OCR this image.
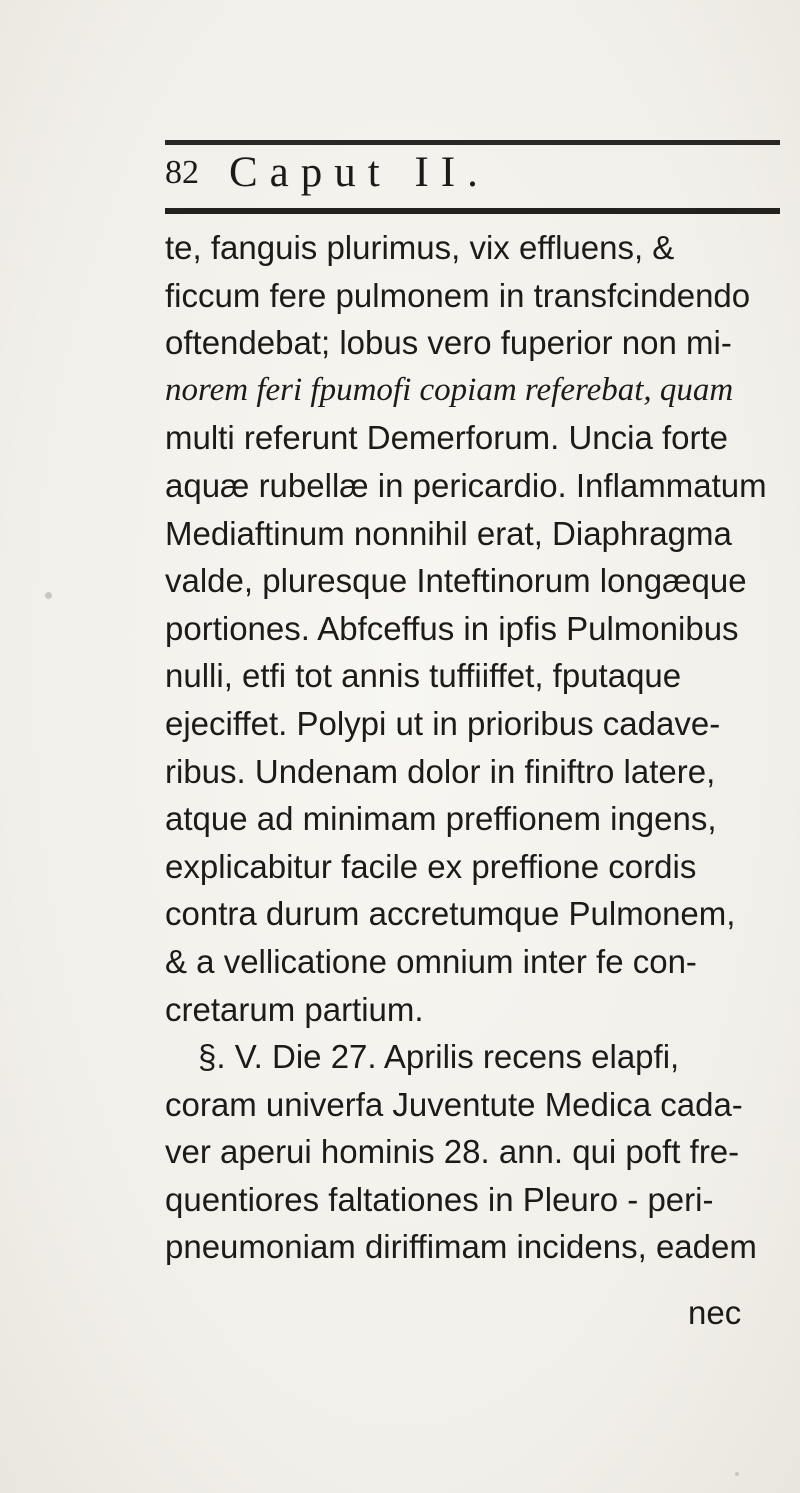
82 Caput II.
te, fanguis plurimus, vix effluens, &
ficcum fere pulmonem in transfcindendo
oftendebat; lobus vero fuperior non mi-
norem feri fpumofi copiam referebat, quam
multi referunt Demerforum. Uncia forte
aquæ rubellæ in pericardio. Inflammatum
Mediaftinum nonnihil erat, Diaphragma
valde, pluresque Inteftinorum longæque
portiones. Abfceffus in ipfis Pulmonibus
nulli, etfi tot annis tuffiiffet, fputaque
ejeciffet. Polypi ut in prioribus cadave-
ribus. Undenam dolor in finiftro latere,
atque ad minimam preffionem ingens,
explicabitur facile ex preffione cordis
contra durum accretumque Pulmonem,
& a vellicatione omnium inter fe con-
cretarum partium.
§. V. Die 27. Aprilis recens elapfi,
coram univerfa Juventute Medica cada-
ver aperui hominis 28. ann. qui poft fre-
quentiores faltationes in Pleuro - peri-
pneumoniam diriffimam incidens, eadem
nec
